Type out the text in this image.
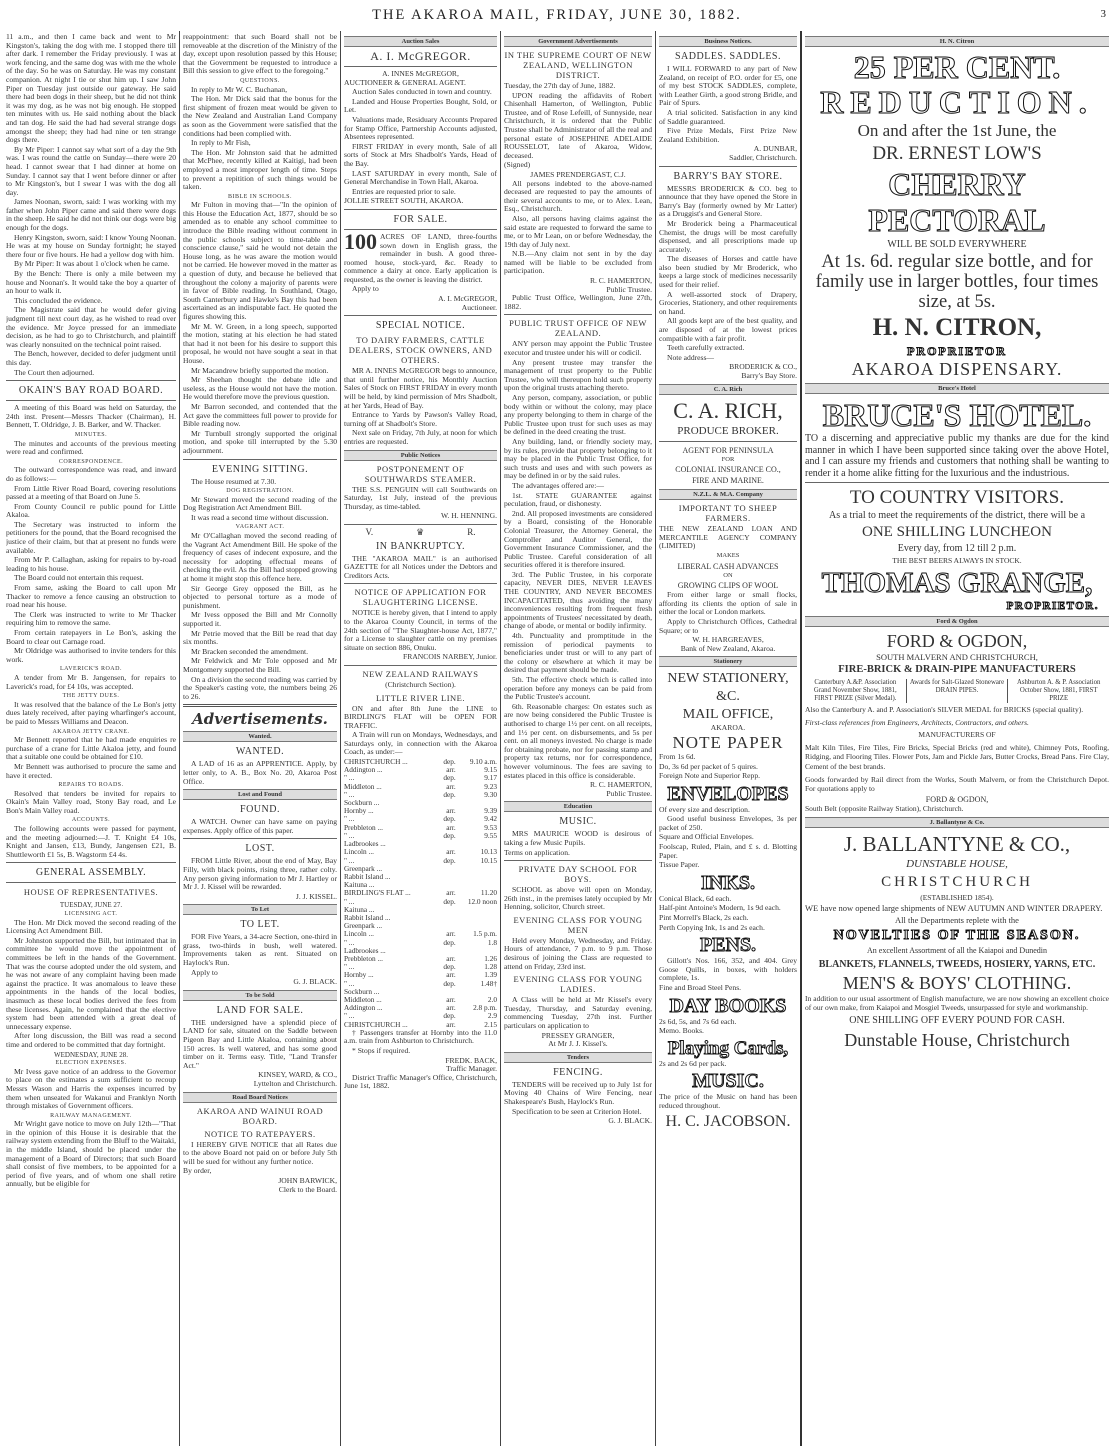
THE AKAROA MAIL, FRIDAY, JUNE 30, 1882.	3

11 a.m., and then I came back and went to Mr Kingston's, taking the dog with me. I stopped there till after dark. I remember the Friday previously. I was at work fencing, and the same dog was with me the whole of the day. So he was on Saturday. He was my constant companion. At night I tie or shut him up. I saw John Piper on Tuesday just outside our gateway. He said there had been dogs in their sheep, but he did not think it was my dog, as he was not big enough. He stopped ten minutes with us. He said nothing about the black and tan dog. He said the had had several strange dogs amongst the sheep; they had had nine or ten strange dogs there.

By Mr Piper: I cannot say what sort of a day the 9th was. I was round the cattle on Sunday—there were 20 head. I cannot swear that I had dinner at home on Sunday. I cannot say that I went before dinner or after to Mr Kingston's, but I swear I was with the dog all day.

James Noonan, sworn, said: I was working with my father when John Piper came and said there were dogs in the sheep. He said he did not think our dogs were big enough for the dogs.

Henry Kingston, sworn, said: I know Young Noonan. He was at my house on Sunday fortnight; he stayed there four or five hours. He had a yellow dog with him.

By Mr Piper: It was about 1 o'clock when he came.

By the Bench: There is only a mile between my house and Noonan's. It would take the boy a quarter of an hour to walk it.

This concluded the evidence.

The Magistrate said that he would defer giving judgment till next court day, as he wished to read over the evidence. Mr Joyce pressed for an immediate decision, as he had to go to Christchurch, and plaintiff was clearly nonsuited on the technical point raised.

The Bench, however, decided to defer judgment until this day.

The Court then adjourned.

OKAIN'S BAY ROAD BOARD.

A meeting of this Board was held on Saturday, the 24th inst. Present—Messrs Thacker (Chairman), H. Bennett, T. Oldridge, J. B. Barker, and W. Thacker.

MINUTES.

The minutes and accounts of the previous meeting were read and confirmed.

CORRESPONDENCE.

The outward correspondence was read, and inward do as follows:—

From Little River Road Board, covering resolutions passed at a meeting of that Board on June 5.

From County Council re public pound for Little Akaloa.

The Secretary was instructed to inform the petitioners for the pound, that the Board recognised the justice of their claim, but that at present no funds were available.

From Mr P. Callaghan, asking for repairs to by-road leading to his house.

The Board could not entertain this request.

From same, asking the Board to call upon Mr Thacker to remove a fence causing an obstruction to road near his house.

The Clerk was instructed to write to Mr Thacker requiring him to remove the same.

From certain ratepayers in Le Bon's, asking the Board to clear out Carnage road.

Mr Oldridge was authorised to invite tenders for this work.

LAVERICK'S ROAD.

A tender from Mr B. Jangensen, for repairs to Laverick's road, for £4 10s, was accepted.

THE JETTY DUES.

It was resolved that the balance of the Le Bon's jetty dues lately received, after paying wharfinger's account, be paid to Messrs Williams and Deacon.

AKAROA JETTY CRANE.

Mr Bennett reported that he had made enquiries re purchase of a crane for Little Akaloa jetty, and found that a suitable one could be obtained for £10.

Mr Bennett was authorised to procure the same and have it erected.

REPAIRS TO ROADS.

Resolved that tenders be invited for repairs to Okain's Main Valley road, Stony Bay road, and Le Bon's Main Valley road.

ACCOUNTS.

The following accounts were passed for payment, and the meeting adjourned:—J. T. Knight £4 10s, Knight and Jansen, £13, Bundy, Jangensen £21, B. Shuttleworth £1 5s, B. Wagstorm £4 4s.

GENERAL ASSEMBLY.
HOUSE OF REPRESENTATIVES.
TUESDAY, JUNE 27.
LICENSING ACT.

The Hon. Mr Dick moved the second reading of the Licensing Act Amendment Bill.

Mr Johnston supported the Bill, but intimated that in committee he would move the appointment of committees be left in the hands of the Government. That was the course adopted under the old system, and he was not aware of any complaint having been made against the practice. It was anomalous to leave these appointments in the hands of the local bodies, inasmuch as these local bodies derived the fees from these licenses. Again, he complained that the elective system had been attended with a great deal of unnecessary expense.

After long discussion, the Bill was read a second time and ordered to be committed that day fortnight.

WEDNESDAY, JUNE 28.
ELECTION EXPENSES.

Mr Ivess gave notice of an address to the Governor to place on the estimates a sum sufficient to recoup Messrs Wason and Harris the expenses incurred by them when unseated for Wakanui and Franklyn North through mistakes of Government officers.

RAILWAY MANAGEMENT.

Mr Wright gave notice to move on July 12th—"That in the opinion of this House it is desirable that the railway system extending from the Bluff to the Waitaki, in the middle Island, should be placed under the management of a Board of Directors; that such Board shall consist of five members, to be appointed for a period of five years, and of whom one shall retire annually, but be eligible for

reappointment: that such Board shall not be removeable at the discretion of the Ministry of the day, except upon resolution passed by this House; that the Government be requested to introduce a Bill this session to give effect to the foregoing."

QUESTIONS.

In reply to Mr W. C. Buchanan,

The Hon. Mr Dick said that the bonus for the first shipment of frozen meat would be given to the New Zealand and Australian Land Company as soon as the Government were satisfied that the conditions had been complied with.

In reply to Mr Fish,

The Hon. Mr Johnston said that he admitted that McPhee, recently killed at Kaitigi, had been employed a most improper length of time. Steps to prevent a repitition of such things would be taken.

BIBLE IN SCHOOLS.

Mr Fulton in moving that—"In the opinion of this House the Education Act, 1877, should be so amended as to enable any school committee to introduce the Bible reading without comment in the public schools subject to time-table and conscience clause," said he would not detain the House long, as he was aware the motion would not be carried. He however moved in the matter as a question of duty, and because he believed that throughout the colony a majority of parents were in favor of Bible reading. In Southland, Otago, South Canterbury and Hawke's Bay this had been ascertained as an indisputable fact. He quoted the figures showing this.

Mr M. W. Green, in a long speech, supported the motion, stating at his election he had stated that had it not been for his desire to support this proposal, he would not have sought a seat in that House.

Mr Macandrew briefly supported the motion.

Mr Sheehan thought the debate idle and useless, as the House would not have the motion. He would therefore move the previous question.

Mr Barron seconded, and contended that the Act gave the committees full power to provide for Bible reading now.

Mr Turnbull strongly supported the original motion, and spoke till interrupted by the 5.30 adjournment.

EVENING SITTING.

The House resumed at 7.30.

DOG REGISTRATION.

Mr Steward moved the second reading of the Dog Registration Act Amendment Bill.

It was read a second time without discussion.

VAGRANT ACT.

Mr O'Callaghan moved the second reading of the Vagrant Act Amendment Bill. He spoke of the frequency of cases of indecent exposure, and the necessity for adopting effectual means of checking the evil. As the Bill had stopped growing at home it might stop this offence here.

Sir George Grey opposed the Bill, as he objected to personal torture as a mode of punishment.

Mr Ivess opposed the Bill and Mr Connolly supported it.

Mr Petrie moved that the Bill be read that day six months.

Mr Bracken seconded the amendment.

Mr Feldwick and Mr Tole opposed and Mr Montgomery supported the Bill.

On a division the second reading was carried by the Speaker's casting vote, the numbers being 26 to 26.

Advertisements.
Wanted.
WANTED.

A LAD of 16 as an APPRENTICE. Apply, by letter only, to A. B., Box No. 20, Akaroa Post Office.

Lost and Found
FOUND.

A WATCH. Owner can have same on paying expenses. Apply office of this paper.

LOST.

FROM Little River, about the end of May, Bay Filly, with black points, rising three, rather colty. Any person giving information to Mr J. Hartley or Mr J. J. Kissel will be rewarded.

J. J. KISSEL.
To Let
TO LET.

FOR Five Years, a 34-acre Section, one-third in grass, two-thirds in bush, well watered. Improvements taken as rent. Situated on Haylock's Run.

Apply to

G. J. BLACK.
To be Sold
LAND FOR SALE.

THE undersigned have a splendid piece of LAND for sale, situated on the Saddle between Pigeon Bay and Little Akaloa, containing about 150 acres. Is well watered, and has some good timber on it. Terms easy. Title, "Land Transfer Act."

KINSEY, WARD, & CO.,
Lyttelton and Christchurch.
Road Board Notices
AKAROA AND WAINUI ROAD BOARD.
NOTICE TO RATEPAYERS.

I HEREBY GIVE NOTICE that all Rates due to the above Board not paid on or before July 5th will be sued for without any further notice.

By order,

JOHN BARWICK,
Clerk to the Board.
Auction Sales
A. I. McGREGOR.
A. INNES McGREGOR,

AUCTIONEER & GENERAL AGENT.

Auction Sales conducted in town and country.

Landed and House Properties Bought, Sold, or Let.

Valuations made, Residuary Accounts Prepared for Stamp Office, Partnership Accounts adjusted, Absentees represented.

FIRST FRIDAY in every month, Sale of all sorts of Stock at Mrs Shadbolt's Yards, Head of the Bay.

LAST SATURDAY in every month, Sale of General Merchandise in Town Hall, Akaroa.

Entries are requested prior to sale.

JOLLIE STREET SOUTH, AKAROA.

FOR SALE.

100 ACRES OF LAND, three-fourths sown down in English grass, the remainder in bush. A good three-roomed house, stock-yard, &c. Ready to commence a dairy at once. Early application is requested, as the owner is leaving the district.

Apply to

A. I. McGREGOR,
Auctioneer.
SPECIAL NOTICE.
TO DAIRY FARMERS, CATTLE DEALERS, STOCK OWNERS, AND OTHERS.

MR A. INNES McGREGOR begs to announce, that until further notice, his Monthly Auction Sales of Stock on FIRST FRIDAY in every month will be held, by kind permission of Mrs Shadbolt, at her Yards, Head of Bay.

Entrance to Yards by Pawson's Valley Road, turning off at Shadbolt's Store.

Next sale on Friday, 7th July, at noon for which entries are requested.

Public Notices
POSTPONEMENT OF SOUTHWARDS STEAMER.

THE S.S. PENGUIN will call Southwards on Saturday, 1st July, instead of the previous Thursday, as time-tabled.

W. H. HENNING.
V.	♛	R.
IN BANKRUPTCY.

THE "AKAROA MAIL" is an authorised GAZETTE for all Notices under the Debtors and Creditors Acts.

NOTICE OF APPLICATION FOR SLAUGHTERING LICENSE.

NOTICE is hereby given, that I intend to apply to the Akaroa County Council, in terms of the 24th section of "The Slaughter-house Act, 1877," for a License to slaughter cattle on my premises situate on section 886, Onuku.

FRANCOIS NARBEY, Junior.
NEW ZEALAND RAILWAYS
(Christchurch Section).
LITTLE RIVER LINE.

ON and after 8th June the LINE to BIRDLING'S FLAT will be OPEN FOR TRAFFIC.

A Train will run on Mondays, Wednesdays, and Saturdays only, in connection with the Akaroa Coach, as under:—

CHRISTCHURCH ...	dep.	9.10 a.m.
Addington ...	arr.	9.15
" ...	dep.	9.17
Middleton ...	arr.	9.23
" ...	dep.	9.30
Sockburn ...		
Hornby ...	arr.	9.39
" ...	dep.	9.42
Prebbleton ...	arr.	9.53
" ...	dep.	9.55
Ladbrookes ...		
Lincoln ...	arr.	10.13
" ...	dep.	10.15
Greenpark ...		
Rabbit Island ...		
Kaituna ...		
BIRDLING'S FLAT ...	arr.	11.20
" ...	dep.	12.0 noon
Kaituna ...		
Rabbit Island ...		
Greenpark ...		
Lincoln ...	arr.	1.5 p.m.
" ...	dep.	1.8
Ladbrookes ...		
Prebbleton ...	arr.	1.26
" ...	dep.	1.28
Hornby ...	arr.	1.39
" ...	dep.	1.48†
Sockburn ...		
Middleton ...	arr.	2.0
Addington ...	arr.	2.8 p.m.
" ...	dep.	2.9
CHRISTCHURCH ...	arr.	2.15

† Passengers transfer at Hornby into the 11.0 a.m. train from Ashburton to Christchurch.

* Stops if required.

FREDK. BACK,
Traffic Manager.

District Traffic Manager's Office, Christchurch, June 1st, 1882.

Government Advertisements
IN THE SUPREME COURT OF NEW ZEALAND, WELLINGTON DISTRICT.

Tuesday, the 27th day of June, 1882.

UPON reading the affidavits of Robert Chisenhall Hamerton, of Wellington, Public Trustee, and of Rose Lefeill, of Sunnyside, near Christchurch, it is ordered that the Public Trustee shall be Administrator of all the real and personal estate of JOSEPHINE ADELAIDE ROUSSELOT, late of Akaroa, Widow, deceased.

(Signed)

JAMES PRENDERGAST, C.J.

All persons indebted to the above-named deceased are requested to pay the amounts of their several accounts to me, or to Alex. Lean, Esq., Christchurch.

Also, all persons having claims against the said estate are requested to forward the same to me, or to Mr Lean, on or before Wednesday, the 19th day of July next.

N.B.—Any claim not sent in by the day named will be liable to be excluded from participation.

R. C. HAMERTON,
Public Trustee.

Public Trust Office, Wellington, June 27th, 1882.

PUBLIC TRUST OFFICE OF NEW ZEALAND.

ANY person may appoint the Public Trustee executor and trustee under his will or codicil.

Any present trustee may transfer the management of trust property to the Public Trustee, who will thereupon hold such property upon the original trusts attaching thereto.

Any person, company, association, or public body within or without the colony, may place any property belonging to them in charge of the Public Trustee upon trust for such uses as may be defined in the deed creating the trust.

Any building, land, or friendly society may, by its rules, provide that property belonging to it may be placed in the Public Trust Office, for such trusts and uses and with such powers as may be defined in or by the said rules.

The advantages offered are:—

1st. STATE GUARANTEE against peculation, fraud, or dishonesty.

2nd. All proposed investments are considered by a Board, consisting of the Honorable Colonial Treasurer, the Attorney General, the Comptroller and Auditor General, the Government Insurance Commissioner, and the Public Trustee. Careful consideration of all securities offered it is therefore insured.

3rd. The Public Trustee, in his corporate capacity, NEVER DIES, NEVER LEAVES THE COUNTRY, AND NEVER BECOMES INCAPACITATED, thus avoiding the many inconveniences resulting from frequent fresh appointments of Trustees' necessitated by death, change of abode, or mental or bodily infirmity.

4th. Punctuality and promptitude in the remission of periodical payments to beneficiaries under trust or will to any part of the colony or elsewhere at which it may be desired that payment should be made.

5th. The effective check which is called into operation before any moneys can be paid from the Public Trustee's account.

6th. Reasonable charges: On estates such as are now being considered the Public Trustee is authorised to charge 1½ per cent. on all receipts, and 1½ per cent. on disbursements, and 5s per cent. on all moneys invested. No charge is made for obtaining probate, nor for passing stamp and property tax returns, nor for correspondence, however voluminous. The fees are saving to estates placed in this office is considerable.

R. C. HAMERTON,
Public Trustee.
Education
MUSIC.

MRS MAURICE WOOD is desirous of taking a few Music Pupils.

Terms on application.

PRIVATE DAY SCHOOL FOR BOYS.

SCHOOL as above will open on Monday, 26th inst., in the premises lately occupied by Mr Henning, solicitor, Church street.

EVENING CLASS FOR YOUNG MEN

Held every Monday, Wednesday, and Friday. Hours of attendance, 7 p.m. to 9 p.m. Those desirous of joining the Class are requested to attend on Friday, 23rd inst.

EVENING CLASS FOR YOUNG LADIES.

A Class will be held at Mr Kissel's every Tuesday, Thursday, and Saturday evening, commencing Tuesday, 27th inst. Further particulars on application to

PRESSEY GRANGER,
At Mr J. J. Kissel's.
Tenders
FENCING.

TENDERS will be received up to July 1st for Moving 40 Chains of Wire Fencing, near Shakespeare's Bush, Haylock's Run.

Specification to be seen at Criterion Hotel.

G. J. BLACK.
Business Notices.
SADDLES. SADDLES.

I WILL FORWARD to any part of New Zealand, on receipt of P.O. order for £5, one of my best STOCK SADDLES, complete, with Leather Girth, a good strong Bridle, and Pair of Spurs.

A trial solicited. Satisfaction in any kind of Saddle guaranteed.

Five Prize Medals, First Prize New Zealand Exhibition.

A. DUNBAR,
Saddler, Christchurch.
BARRY'S BAY STORE.

MESSRS BRODERICK & CO. beg to announce that they have opened the Store in Barry's Bay (formerly owned by Mr Latter) as a Druggist's and General Store.

Mr Broderick being a Pharmaceutical Chemist, the drugs will be most carefully dispensed, and all prescriptions made up accurately.

The diseases of Horses and cattle have also been studied by Mr Broderick, who keeps a large stock of medicines necessarily used for their relief.

A well-assorted stock of Drapery, Groceries, Stationery, and other requirements on hand.

All goods kept are of the best quality, and are disposed of at the lowest prices compatible with a fair profit.

Teeth carefully extracted.

Note address—

BRODERICK & CO.,
Barry's Bay Store.
C. A. Rich
C. A. RICH,
PRODUCE BROKER.
AGENT FOR PENINSULA
FOR
COLONIAL INSURANCE CO.,
FIRE AND MARINE.
N.Z.L. & M.A. Company
IMPORTANT TO SHEEP FARMERS.

THE NEW ZEALAND LOAN AND MERCANTILE AGENCY COMPANY (LIMITED)

MAKES
LIBERAL CASH ADVANCES
ON
GROWING CLIPS OF WOOL

From either large or small flocks, affording its clients the option of sale in either the local or London markets.

Apply to Christchurch Offices, Cathedral Square; or to

W. H. HARGREAVES,
Bank of New Zealand, Akaroa.
Stationery
NEW STATIONERY, &C.
MAIL OFFICE,
AKAROA.
NOTE PAPER

From 1s 6d.

Do, 3s 6d per packet of 5 quires.

Foreign Note and Superior Repp.

ENVELOPES

Of every size and description.

Good useful business Envelopes, 3s per packet of 250.

Square and Official Envelopes.

Foolscap, Ruled, Plain, and £ s. d. Blotting Paper.

Tissue Paper.

INKS.

Conical Black, 6d each.

Half-pint Antoine's Modern, 1s 9d each.

Pint Morrell's Black, 2s each.

Perth Copying Ink, 1s and 2s each.

PENS.

Gillott's Nos. 166, 352, and 404. Grey Goose Quills, in boxes, with holders complete, 1s.

Fine and Broad Steel Pens.

DAY BOOKS

2s 6d, 5s, and 7s 6d each.

Memo. Books.

Playing Cards,

2s and 2s 6d per pack.

MUSIC.

The price of the Music on hand has been reduced throughout.

H. C. JACOBSON.
H. N. Citron
25 PER CENT.
REDUCTION.
On and after the 1st June, the
DR. ERNEST LOW'S
CHERRY PECTORAL
WILL BE SOLD EVERYWHERE
At 1s. 6d. regular size bottle, and for family use in larger bottles, four times size, at 5s.
H. N. CITRON,
PROPRIETOR
AKAROA DISPENSARY.
Bruce's Hotel
BRUCE'S HOTEL.

TO a discerning and appreciative public my thanks are due for the kind manner in which I have been supported since taking over the above Hotel, and I can assure my friends and customers that nothing shall be wanting to render it a home alike fitting for the luxurious and the industrious.

TO COUNTRY VISITORS.
As a trial to meet the requirements of the district, there will be a
ONE SHILLING LUNCHEON
Every day, from 12 till 2 p.m.
THE BEST BEERS ALWAYS IN STOCK.
THOMAS GRANGE,
PROPRIETOR.
Ford & Ogdon
FORD & OGDON,
SOUTH MALVERN AND CHRISTCHURCH,
FIRE-BRICK & DRAIN-PIPE MANUFACTURERS
Canterbury A.&P. Association Grand November Show, 1881, FIRST PRIZE (Silver Medal).
Awards for Salt-Glazed Stoneware DRAIN PIPES.
Ashburton A. & P. Association October Show, 1881, FIRST PRIZE

Also the Canterbury A. and P. Association's SILVER MEDAL for BRICKS (special quality).

First-class references from Engineers, Architects, Contractors, and others.

MANUFACTURERS OF

Malt Kiln Tiles, Fire Tiles, Fire Bricks, Special Bricks (red and white), Chimney Pots, Roofing, Ridging, and Flooring Tiles. Flower Pots, Jam and Pickle Jars, Butter Crocks, Bread Pans. Fire Clay, Cement of the best brands.

Goods forwarded by Rail direct from the Works, South Malvern, or from the Christchurch Depot. For quotations apply to

FORD & OGDON,

South Belt (opposite Railway Station), Christchurch.

J. Ballantyne & Co.
J. BALLANTYNE & CO.,
DUNSTABLE HOUSE,
CHRISTCHURCH
(ESTABLISHED 1854).

WE have now opened large shipments of NEW AUTUMN AND WINTER DRAPERY.

All the Departments replete with the
NOVELTIES OF THE SEASON.
An excellent Assortment of all the Kaiapoi and Dunedin
BLANKETS, FLANNELS, TWEEDS, HOSIERY, YARNS, ETC.
MEN'S & BOYS' CLOTHING.

In addition to our usual assortment of English manufacture, we are now showing an excellent choice of our own make, from Kaiapoi and Mosgiel Tweeds, unsurpassed for style and workmanship.

ONE SHILLING OFF EVERY POUND FOR CASH.
Dunstable House, Christchurch
